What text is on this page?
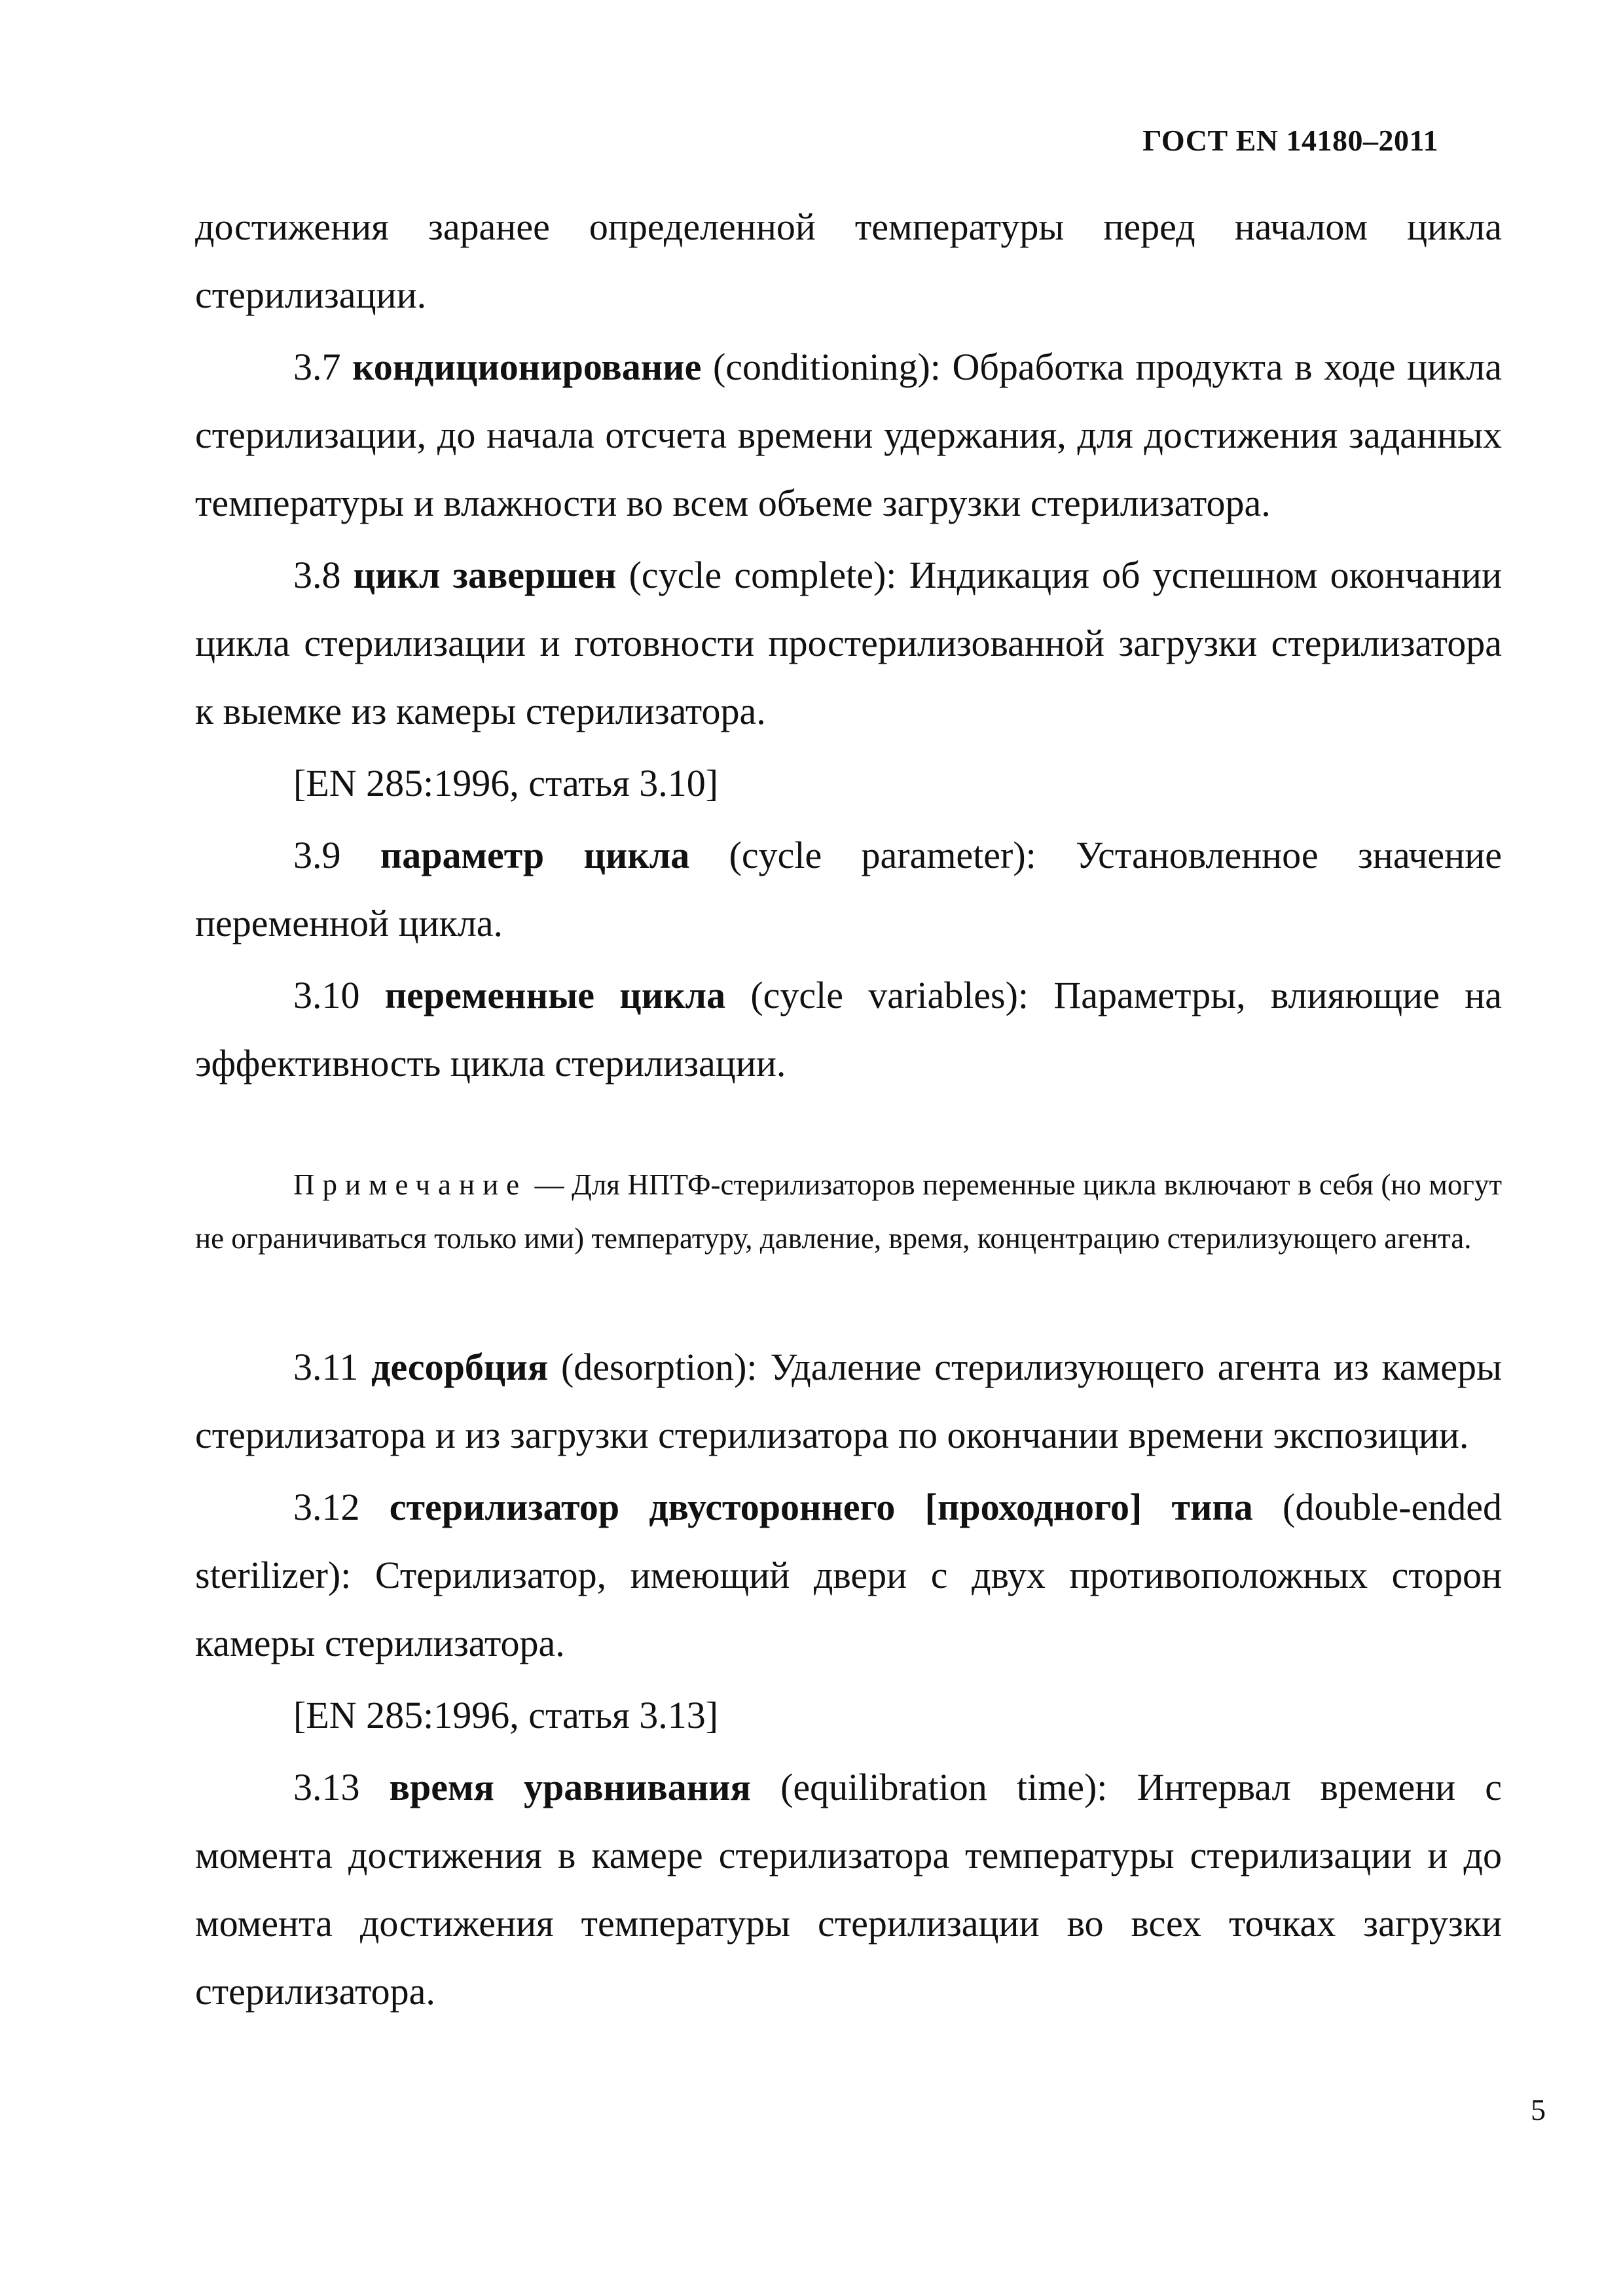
ГОСТ EN 14180–2011

достижения заранее определенной температуры перед началом цикла стерилизации.

3.7 кондиционирование (conditioning): Обработка продукта в ходе цикла стерилизации, до начала отсчета времени удержания, для достижения заданных температуры и влажности во всем объеме загрузки стерилизатора.

3.8 цикл завершен (cycle complete): Индикация об успешном окончании цикла стерилизации и готовности простерилизованной загрузки стерилизатора к выемке из камеры стерилизатора.

[EN 285:1996, статья 3.10]

3.9 параметр цикла (cycle parameter): Установленное значение переменной цикла.

3.10 переменные цикла (cycle variables): Параметры, влияющие на эффективность цикла стерилизации.

Примечание — Для НПТФ-стерилизаторов переменные цикла включают в себя (но могут не ограничиваться только ими) температуру, давление, время, концентрацию стерилизующего агента.

3.11 десорбция (desorption): Удаление стерилизующего агента из камеры стерилизатора и из загрузки стерилизатора по окончании времени экспозиции.

3.12 стерилизатор двустороннего [проходного] типа (double-ended sterilizer): Стерилизатор, имеющий двери с двух противоположных сторон камеры стерилизатора.

[EN 285:1996, статья 3.13]

3.13 время уравнивания (equilibration time): Интервал времени с момента достижения в камере стерилизатора температуры стерилизации и до момента достижения температуры стерилизации во всех точках загрузки стерилизатора.

5
